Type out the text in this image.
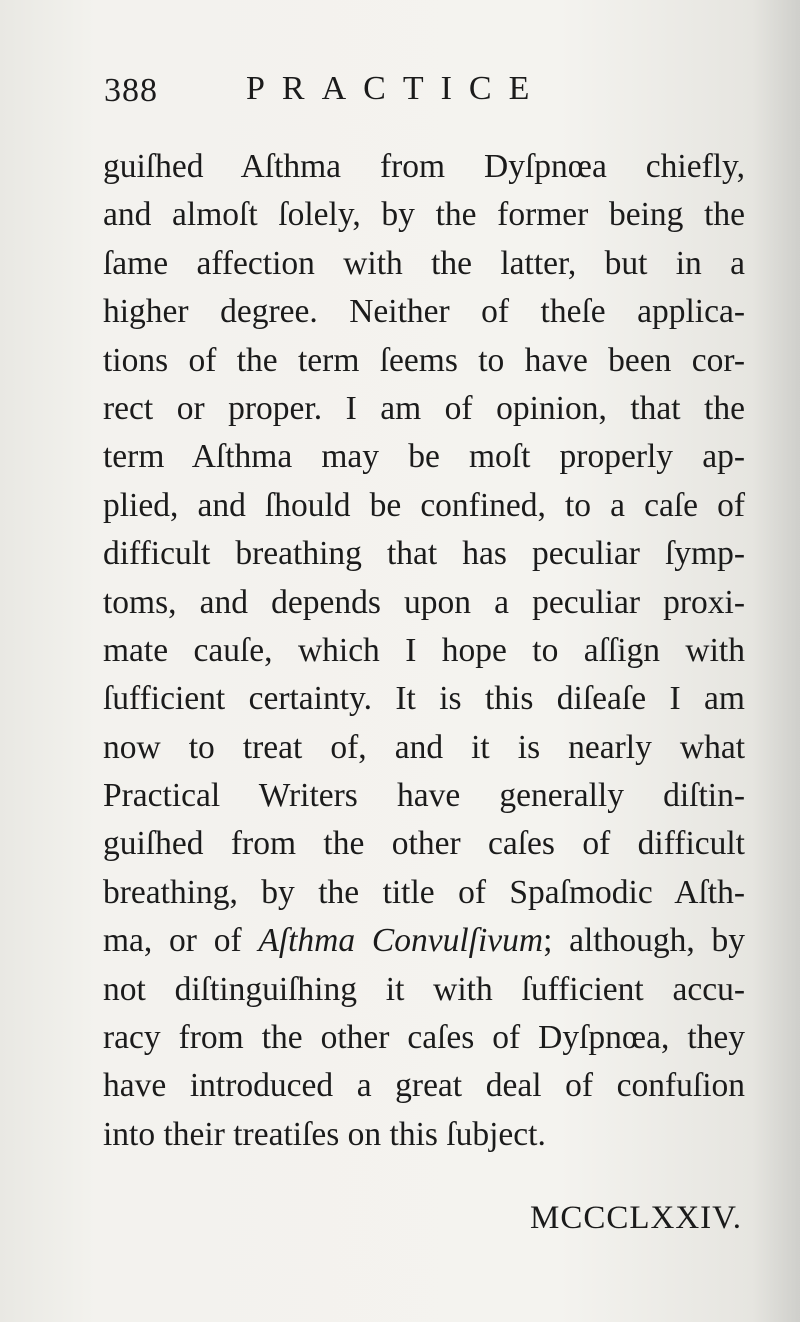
388	PRACTICE
guiſhed Aſthma from Dyſpnœa chiefly,
and almoſt ſolely, by the former being the
ſame affection with the latter, but in a
higher degree. Neither of theſe applica-
tions of the term ſeems to have been cor-
rect or proper. I am of opinion, that the
term Aſthma may be moſt properly ap-
plied, and ſhould be confined, to a caſe of
difficult breathing that has peculiar ſymp-
toms, and depends upon a peculiar proxi-
mate cauſe, which I hope to aſſign with
ſufficient certainty. It is this diſeaſe I am
now to treat of, and it is nearly what
Practical Writers have generally diſtin-
guiſhed from the other caſes of difficult
breathing, by the title of Spaſmodic Aſth-
ma, or of Aſthma Convulſivum; although, by
not diſtinguiſhing it with ſufficient accu-
racy from the other caſes of Dyſpnœa, they
have introduced a great deal of confuſion
into their treatiſes on this ſubject.
MCCCLXXIV.
